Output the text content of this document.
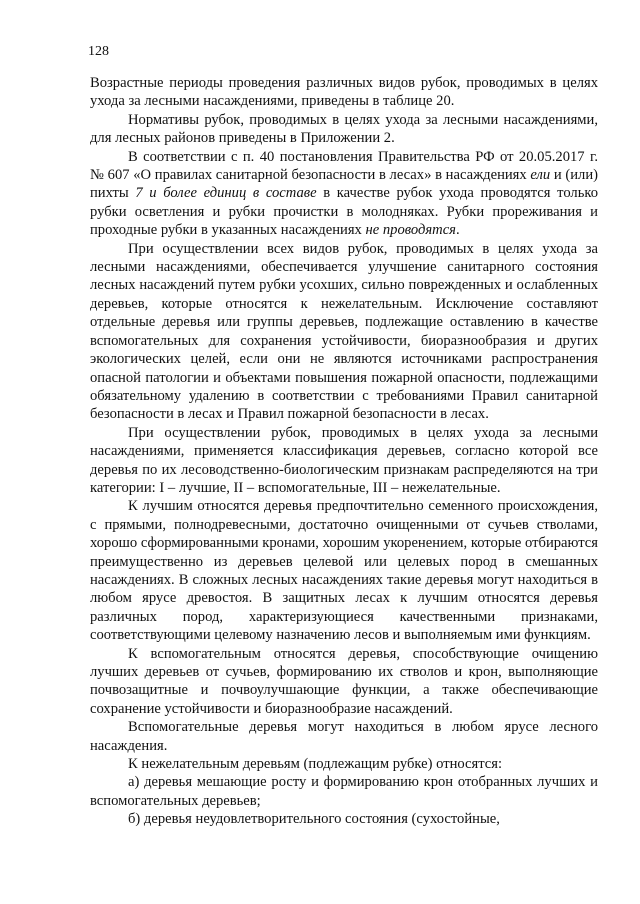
128

Возрастные периоды проведения различных видов рубок, проводимых в целях ухода за лесными насаждениями, приведены в таблице 20.

Нормативы рубок, проводимых в целях ухода за лесными насаждениями, для лесных районов приведены в Приложении 2.

В соответствии с п. 40 постановления Правительства РФ от 20.05.2017 г. № 607 «О правилах санитарной безопасности в лесах» в насаждениях ели и (или) пихты 7 и более единиц в составе в качестве рубок ухода проводятся только рубки осветления и рубки прочистки в молодняках. Рубки прореживания и проходные рубки в указанных насаждениях не проводятся.

При осуществлении всех видов рубок, проводимых в целях ухода за лесными насаждениями, обеспечивается улучшение санитарного состояния лесных насаждений путем рубки усохших, сильно поврежденных и ослабленных деревьев, которые относятся к нежелательным. Исключение составляют отдельные деревья или группы деревьев, подлежащие оставлению в качестве вспомогательных для сохранения устойчивости, биоразнообразия и других экологических целей, если они не являются источниками распространения опасной патологии и объектами повышения пожарной опасности, подлежащими обязательному удалению в соответствии с требованиями Правил санитарной безопасности в лесах и Правил пожарной безопасности в лесах.

При осуществлении рубок, проводимых в целях ухода за лесными насаждениями, применяется классификация деревьев, согласно которой все деревья по их лесоводственно-биологическим признакам распределяются на три категории: I – лучшие, II – вспомогательные, III – нежелательные.

К лучшим относятся деревья предпочтительно семенного происхождения, с прямыми, полнодревесными, достаточно очищенными от сучьев стволами, хорошо сформированными кронами, хорошим укоренением, которые отбираются преимущественно из деревьев целевой или целевых пород в смешанных насаждениях. В сложных лесных насаждениях такие деревья могут находиться в любом ярусе древостоя. В защитных лесах к лучшим относятся деревья различных пород, характеризующиеся качественными признаками, соответствующими целевому назначению лесов и выполняемым ими функциям.

К вспомогательным относятся деревья, способствующие очищению лучших деревьев от сучьев, формированию их стволов и крон, выполняющие почвозащитные и почвоулучшающие функции, а также обеспечивающие сохранение устойчивости и биоразнообразие насаждений.

Вспомогательные деревья могут находиться в любом ярусе лесного насаждения.

К нежелательным деревьям (подлежащим рубке) относятся:

а) деревья мешающие росту и формированию крон отобранных лучших и вспомогательных деревьев;

б) деревья неудовлетворительного состояния (сухостойные,
